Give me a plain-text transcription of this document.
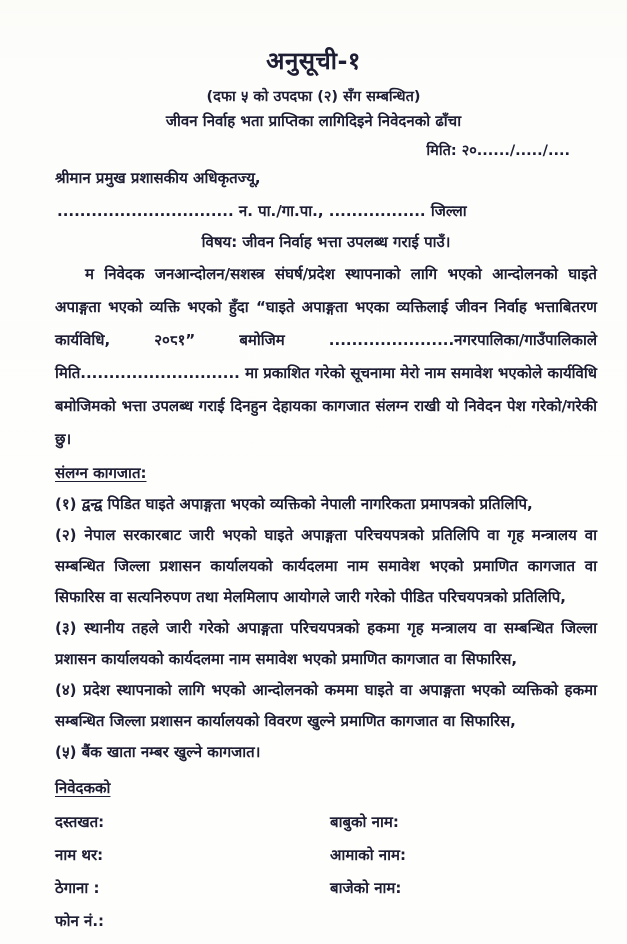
अनुसूची-१
(दफा ५ को उपदफा (२) सँग सम्बन्धित)
जीवन निर्वाह भता प्राप्तिका लागिदिइने निवेदनको ढाँचा
मिति: २०....../...../....
श्रीमान प्रमुख प्रशासकीय अधिकृतज्यू,
............................... न. पा./गा.पा., ................. जिल्ला
विषय: जीवन निर्वाह भत्ता उपलब्ध गराई पाउँ।

म निवेदक जनआन्दोलन/सशस्त्र संघर्ष/प्रदेश स्थापनाको लागि भएको आन्दोलनको घाइते अपाङ्गता भएको व्यक्ति भएको हुँदा “घाइते अपाङ्गता भएका व्यक्तिलाई जीवन निर्वाह भत्ताबितरण कार्यविधि, २०८१” बमोजिम ......................नगरपालिका/गाउँपालिकाले मिति............................ मा प्रकाशित गरेको सूचनामा मेरो नाम समावेश भएकोले कार्यविधि बमोजिमको भत्ता उपलब्ध गराई दिनहुन देहायका कागजात संलग्न राखी यो निवेदन पेश गरेको/गरेकी छु।

संलग्न कागजात:
(१) द्वन्द्व पिडित घाइते अपाङ्गता भएको व्यक्तिको नेपाली नागरिकता प्रमापत्रको प्रतिलिपि,
(२) नेपाल सरकारबाट जारी भएको घाइते अपाङ्गता परिचयपत्रको प्रतिलिपि वा गृह मन्त्रालय वा सम्बन्धित जिल्ला प्रशासन कार्यालयको कार्यदलमा नाम समावेश भएको प्रमाणित कागजात वा सिफारिस वा सत्यनिरुपण तथा मेलमिलाप आयोगले जारी गरेको पीडित परिचयपत्रको प्रतिलिपि,
(३) स्थानीय तहले जारी गरेको अपाङ्गता परिचयपत्रको हकमा गृह मन्त्रालय वा सम्बन्धित जिल्ला प्रशासन कार्यालयको कार्यदलमा नाम समावेश भएको प्रमाणित कागजात वा सिफारिस,
(४) प्रदेश स्थापनाको लागि भएको आन्दोलनको कममा घाइते वा अपाङ्गता भएको व्यक्तिको हकमा सम्बन्धित जिल्ला प्रशासन कार्यालयको विवरण खुल्ने प्रमाणित कागजात वा सिफारिस,
(५) बैंक खाता नम्बर खुल्ने कागजात।
निवेदकको
दस्तखत:	बाबुको नाम:
नाम थर:	आमाको नाम:
ठेगाना :	बाजेको नाम:
फोन नं.:
